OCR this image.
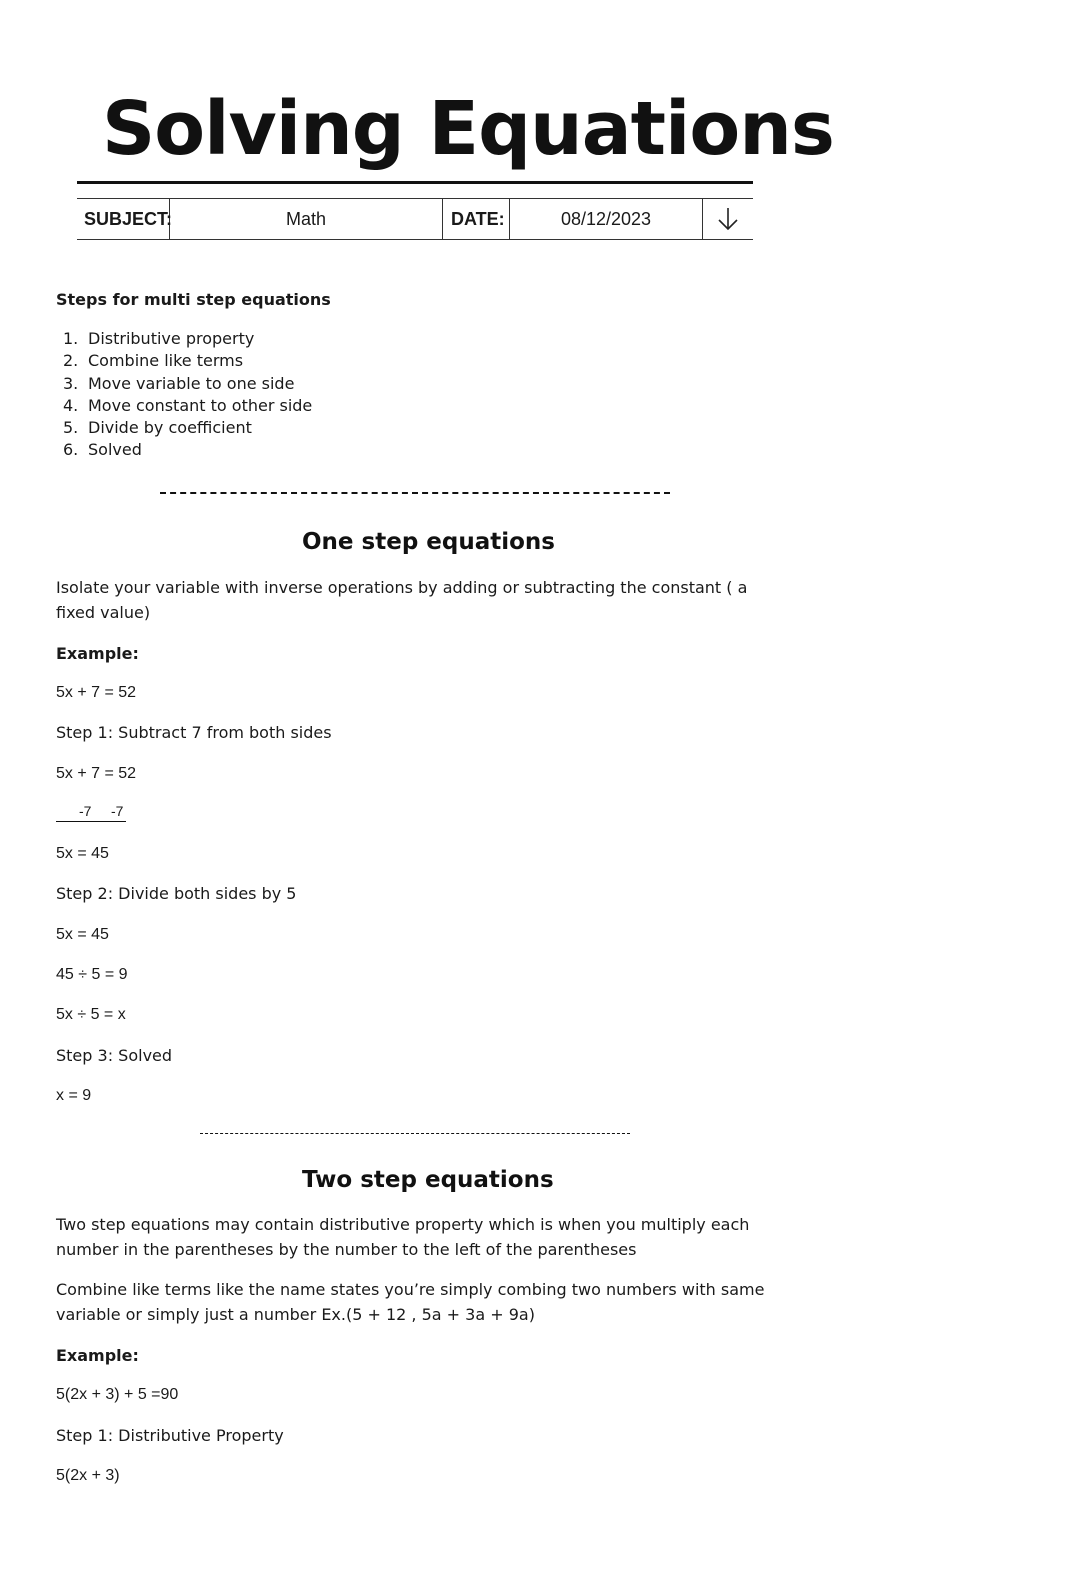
Solving Equations
SUBJECT:	Math	DATE:	08/12/2023
Steps for multi step equations
1. Distributive property
2. Combine like terms
3. Move variable to one side
4. Move constant to other side
5. Divide by coefficient
6. Solved
One step equations
Isolate your variable with inverse operations by adding or subtracting the constant ( a fixed value)
Example:
5x + 7 = 52
Step 1: Subtract 7 from both sides
5x + 7 = 52
-7 -7
5x = 45
Step 2: Divide both sides by 5
5x = 45
45 ÷ 5 = 9
5x ÷ 5 = x
Step 3: Solved
x = 9
Two step equations
Two step equations may contain distributive property which is when you multiply each number in the parentheses by the number to the left of the parentheses
Combine like terms like the name states you’re simply combing two numbers with same variable or simply just a number Ex.(5 + 12 , 5a + 3a + 9a)
Example:
5(2x + 3) + 5 =90
Step 1: Distributive Property
5(2x + 3)
